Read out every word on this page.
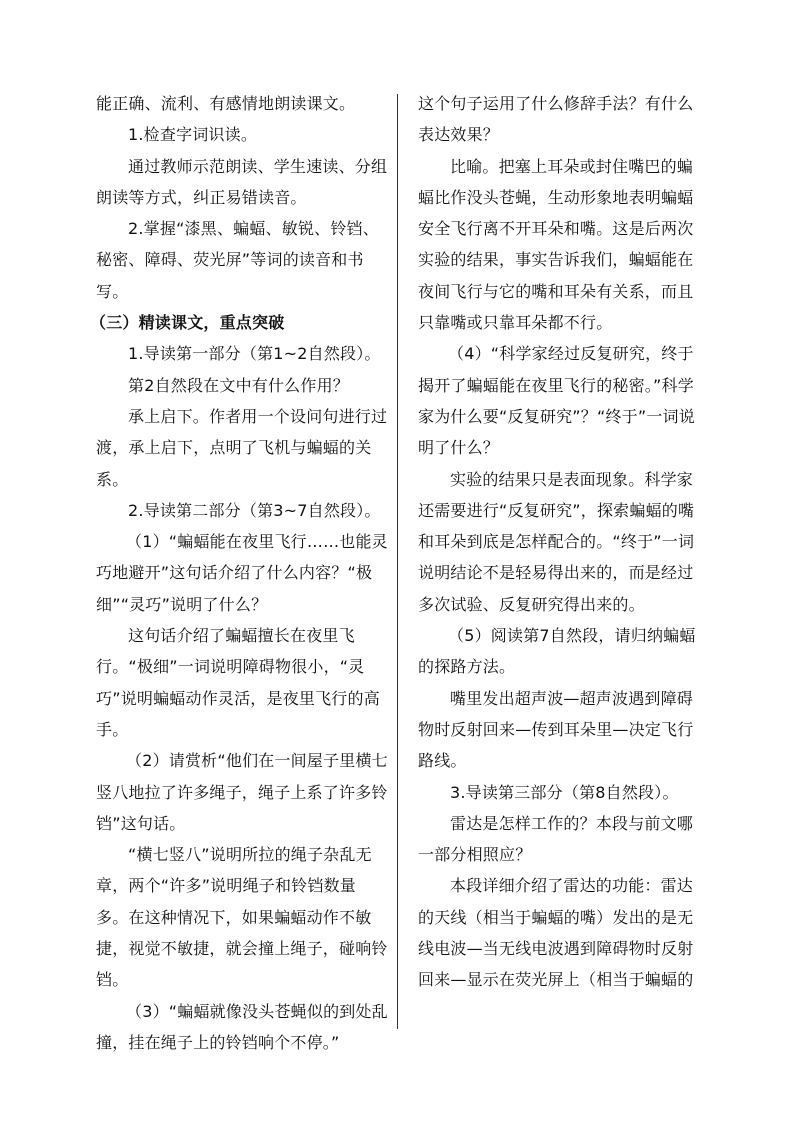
能正确、流利、有感情地朗读课文。

1.检查字词识读。

通过教师示范朗读、学生速读、分组朗读等方式，纠正易错读音。

2.掌握“漆黑、蝙蝠、敏锐、铃铛、秘密、障碍、荧光屏”等词的读音和书写。

（三）精读课文，重点突破

1.导读第一部分（第1~2自然段）。

第2自然段在文中有什么作用？

承上启下。作者用一个设问句进行过渡，承上启下，点明了飞机与蝙蝠的关系。

2.导读第二部分（第3~7自然段）。

（1）“蝙蝠能在夜里飞行……也能灵巧地避开”这句话介绍了什么内容？“极细”“灵巧”说明了什么？

这句话介绍了蝙蝠擅长在夜里飞行。“极细”一词说明障碍物很小，“灵巧”说明蝙蝠动作灵活，是夜里飞行的高手。

（2）请赏析“他们在一间屋子里横七竖八地拉了许多绳子，绳子上系了许多铃铛”这句话。

“横七竖八”说明所拉的绳子杂乱无章，两个“许多”说明绳子和铃铛数量多。在这种情况下，如果蝙蝠动作不敏捷，视觉不敏捷，就会撞上绳子，碰响铃铛。

（3）“蝙蝠就像没头苍蝇似的到处乱撞，挂在绳子上的铃铛响个不停。”

这个句子运用了什么修辞手法？有什么表达效果？

比喻。把塞上耳朵或封住嘴巴的蝙蝠比作没头苍蝇，生动形象地表明蝙蝠安全飞行离不开耳朵和嘴。这是后两次实验的结果，事实告诉我们，蝙蝠能在夜间飞行与它的嘴和耳朵有关系，而且只靠嘴或只靠耳朵都不行。

（4）“科学家经过反复研究，终于揭开了蝙蝠能在夜里飞行的秘密。”科学家为什么要“反复研究”？“终于”一词说明了什么？

实验的结果只是表面现象。科学家还需要进行“反复研究”，探索蝙蝠的嘴和耳朵到底是怎样配合的。“终于”一词说明结论不是轻易得出来的，而是经过多次试验、反复研究得出来的。

（5）阅读第7自然段，请归纳蝙蝠的探路方法。

嘴里发出超声波—超声波遇到障碍物时反射回来—传到耳朵里—决定飞行路线。

3.导读第三部分（第8自然段）。

雷达是怎样工作的？本段与前文哪一部分相照应？

本段详细介绍了雷达的功能：雷达的天线（相当于蝙蝠的嘴）发出的是无线电波—当无线电波遇到障碍物时反射回来—显示在荧光屏上（相当于蝙蝠的
